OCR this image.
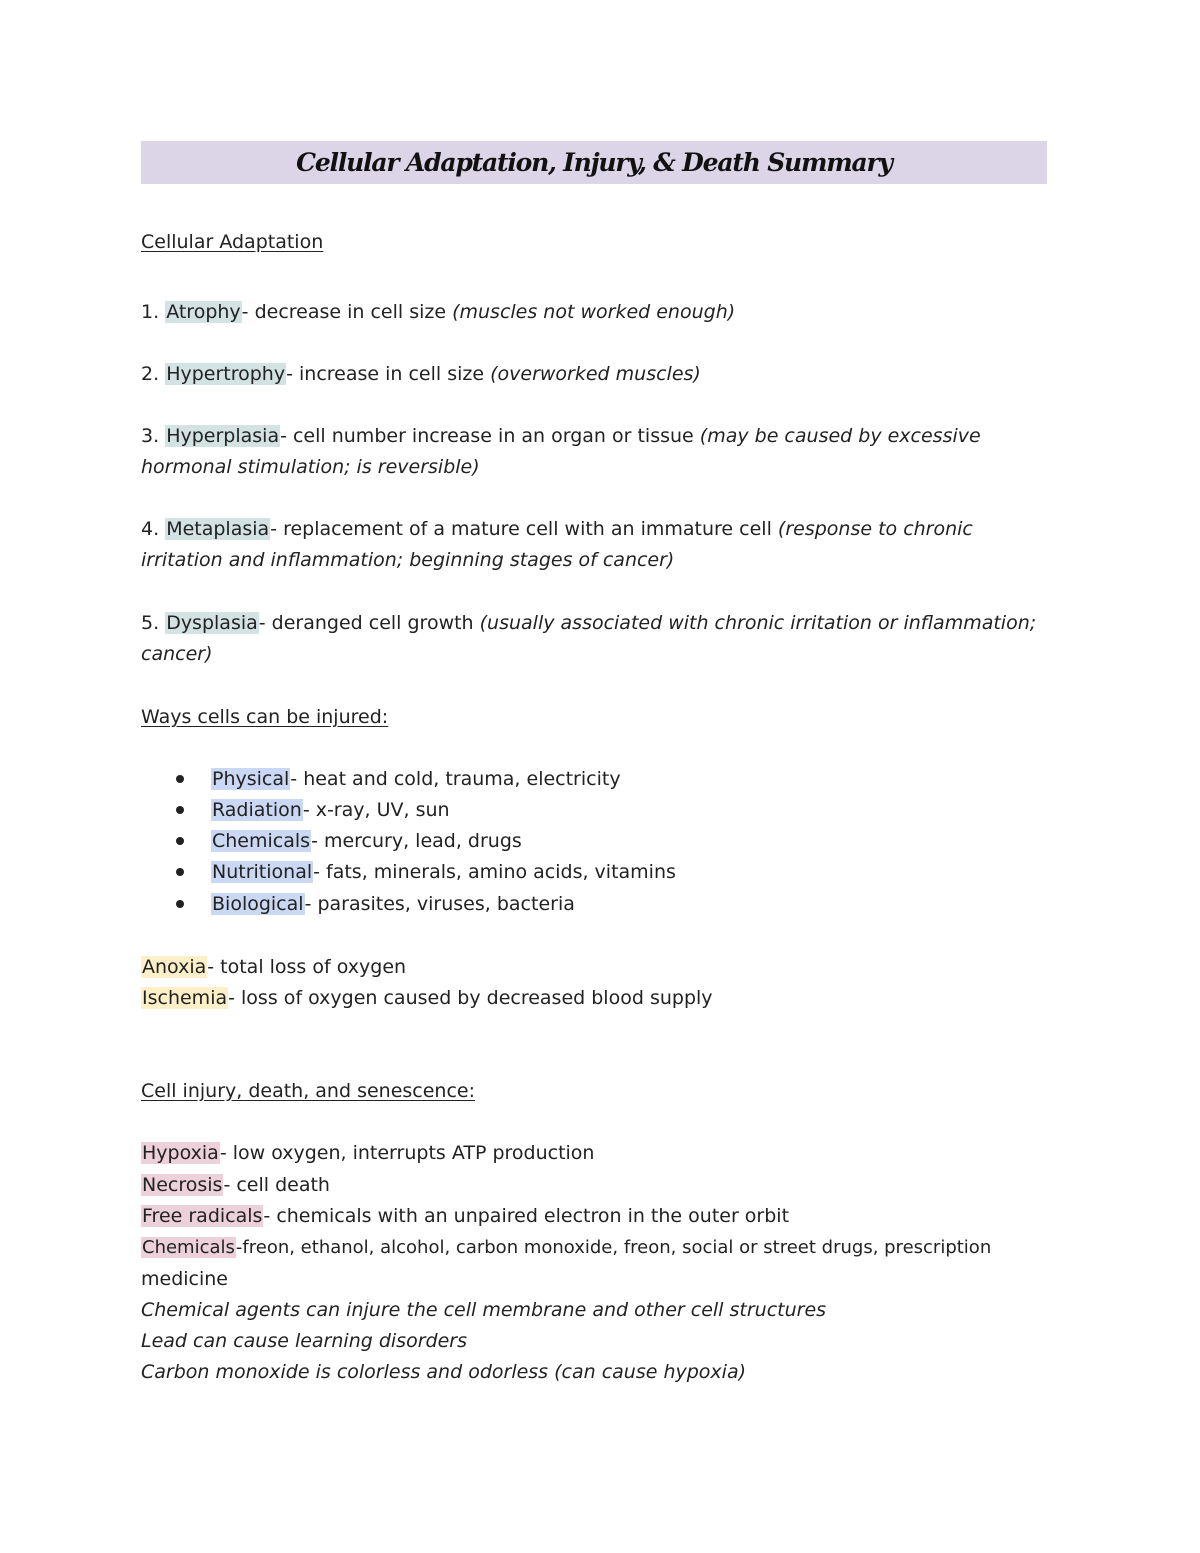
Cellular Adaptation, Injury, & Death Summary
Cellular Adaptation
1. Atrophy- decrease in cell size (muscles not worked enough)
2. Hypertrophy- increase in cell size (overworked muscles)
3. Hyperplasia- cell number increase in an organ or tissue (may be caused by excessive
hormonal stimulation; is reversible)
4. Metaplasia- replacement of a mature cell with an immature cell (response to chronic
irritation and inflammation; beginning stages of cancer)
5. Dysplasia- deranged cell growth (usually associated with chronic irritation or inflammation;
cancer)
Ways cells can be injured:
Physical- heat and cold, trauma, electricity
Radiation- x-ray, UV, sun
Chemicals- mercury, lead, drugs
Nutritional- fats, minerals, amino acids, vitamins
Biological- parasites, viruses, bacteria
Anoxia- total loss of oxygen
Ischemia- loss of oxygen caused by decreased blood supply
Cell injury, death, and senescence:
Hypoxia- low oxygen, interrupts ATP production
Necrosis- cell death
Free radicals- chemicals with an unpaired electron in the outer orbit
Chemicals-freon, ethanol, alcohol, carbon monoxide, freon, social or street drugs, prescription
medicine
Chemical agents can injure the cell membrane and other cell structures
Lead can cause learning disorders
Carbon monoxide is colorless and odorless (can cause hypoxia)
